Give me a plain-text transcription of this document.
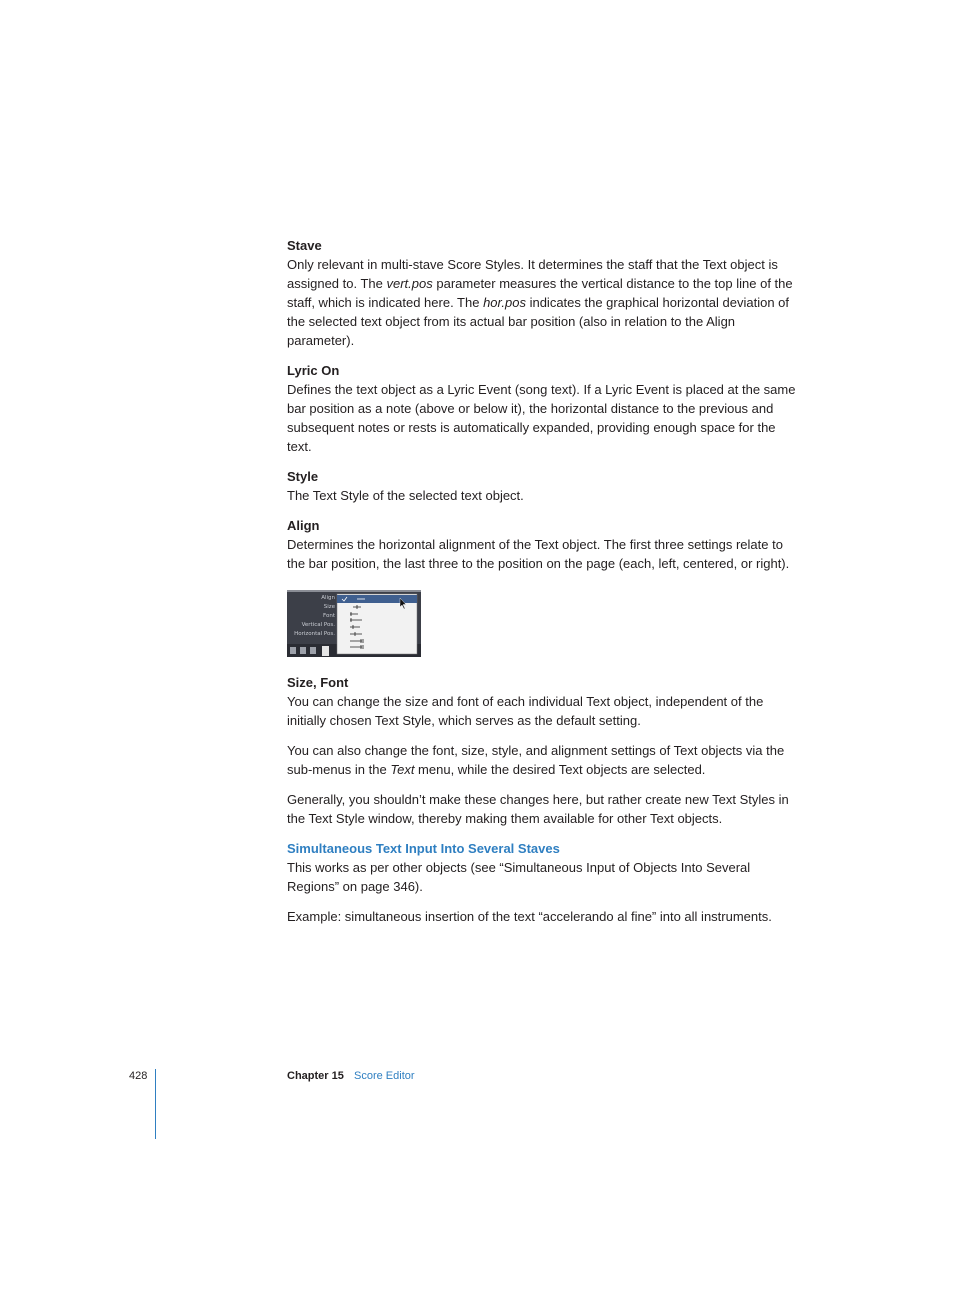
Stave

Only relevant in multi-stave Score Styles. It determines the staff that the Text object is assigned to. The vert.pos parameter measures the vertical distance to the top line of the staff, which is indicated here. The hor.pos indicates the graphical horizontal deviation of the selected text object from its actual bar position (also in relation to the Align parameter).

Lyric On

Defines the text object as a Lyric Event (song text). If a Lyric Event is placed at the same bar position as a note (above or below it), the horizontal distance to the previous and subsequent notes or rests is automatically expanded, providing enough space for the text.

Style

The Text Style of the selected text object.

Align

Determines the horizontal alignment of the Text object. The first three settings relate to the bar position, the last three to the position on the page (each, left, centered, or right).

Align
Size
Font
Vertical Pos.
Horizontal Pos.

Size, Font

You can change the size and font of each individual Text object, independent of the initially chosen Text Style, which serves as the default setting.

You can also change the font, size, style, and alignment settings of Text objects via the sub-menus in the Text menu, while the desired Text objects are selected.

Generally, you shouldn’t make these changes here, but rather create new Text Styles in the Text Style window, thereby making them available for other Text objects.

Simultaneous Text Input Into Several Staves

This works as per other objects (see “Simultaneous Input of Objects Into Several Regions” on page 346).

Example: simultaneous insertion of the text “accelerando al fine” into all instruments.

428	Chapter 15 Score Editor
